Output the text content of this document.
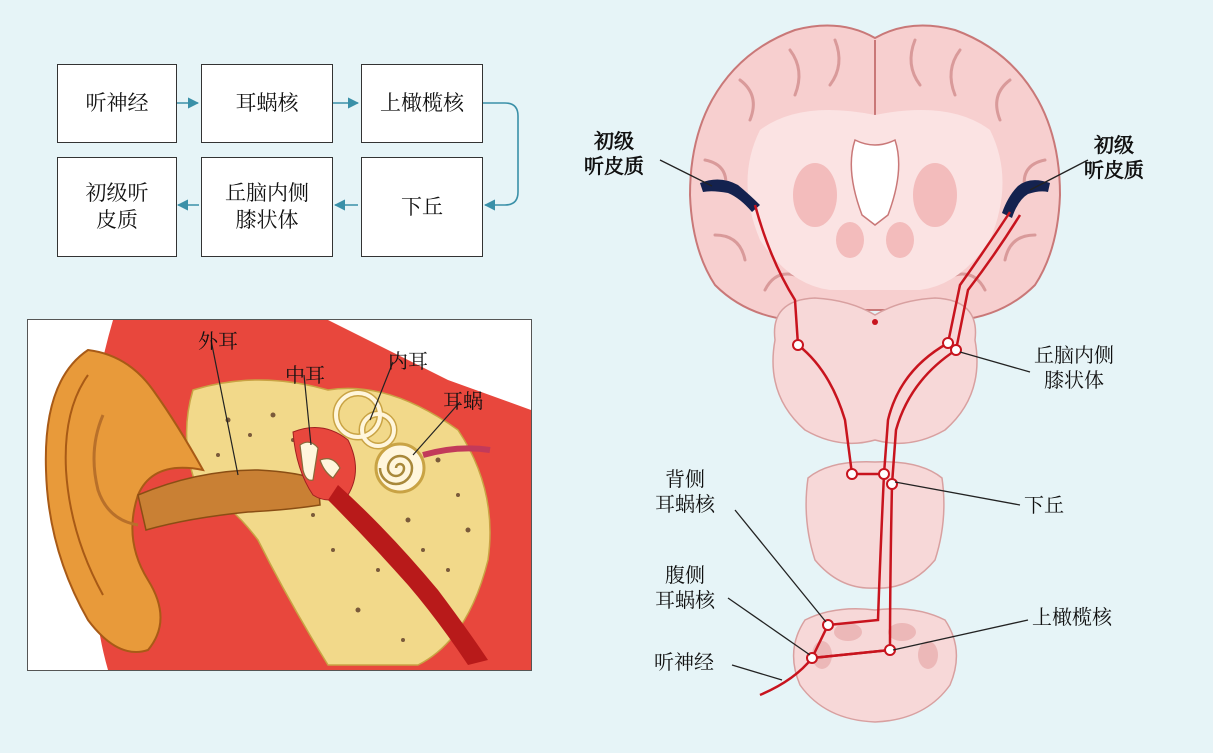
听神经	耳蜗核	上橄榄核
下丘
丘脑内侧
膝状体
初级听
皮质
外耳
中耳
内耳
耳蜗
初级
听皮质
初级
听皮质
丘脑内侧
膝状体
下丘
背侧
耳蜗核
腹侧
耳蜗核
上橄榄核
听神经
